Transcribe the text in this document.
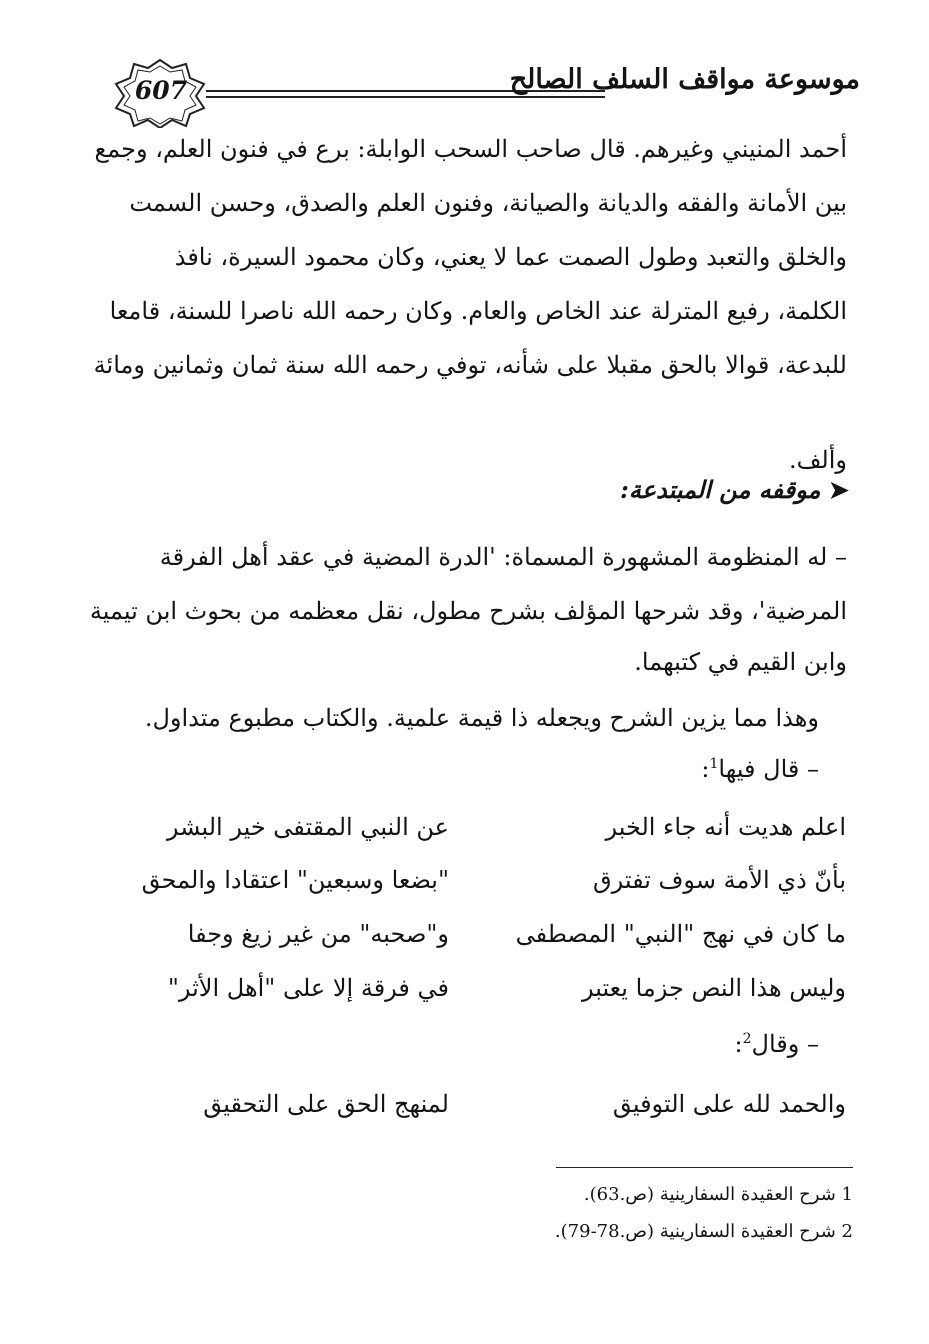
607	موسوعة مواقف السلف الصالح
أحمد المنيني وغيرهم. قال صاحب السحب الوابلة: برع في فنون العلم، وجمع
بين الأمانة والفقه والديانة والصيانة، وفنون العلم والصدق، وحسن السمت
والخلق والتعبد وطول الصمت عما لا يعني، وكان محمود السيرة، نافذ
الكلمة، رفيع المترلة عند الخاص والعام. وكان رحمه الله ناصرا للسنة، قامعا
للبدعة، قوالا بالحق مقبلا على شأنه، توفي رحمه الله سنة ثمان وثمانين ومائة
وألف.
➤ موقفه من المبتدعة:
– له المنظومة المشهورة المسماة: 'الدرة المضية في عقد أهل الفرقة
المرضية'، وقد شرحها المؤلف بشرح مطول، نقل معظمه من بحوث ابن تيمية
وابن القيم في كتبهما.
وهذا مما يزين الشرح ويجعله ذا قيمة علمية. والكتاب مطبوع متداول.
– قال فيها$^1$:
اعلم هديت أنه جاء الخبر
عن النبي المقتفى خير البشر
بأنّ ذي الأمة سوف تفترق
"بضعا وسبعين" اعتقادا والمحق
ما كان في نهج "النبي" المصطفى
و"صحبه" من غير زيغ وجفا
وليس هذا النص جزما يعتبر
في فرقة إلا على "أهل الأثر"
– وقال$^2$:
والحمد لله على التوفيق
لمنهج الحق على التحقيق
1 شرح العقيدة السفارينية (ص.63).
2 شرح العقيدة السفارينية (ص.78-79).
